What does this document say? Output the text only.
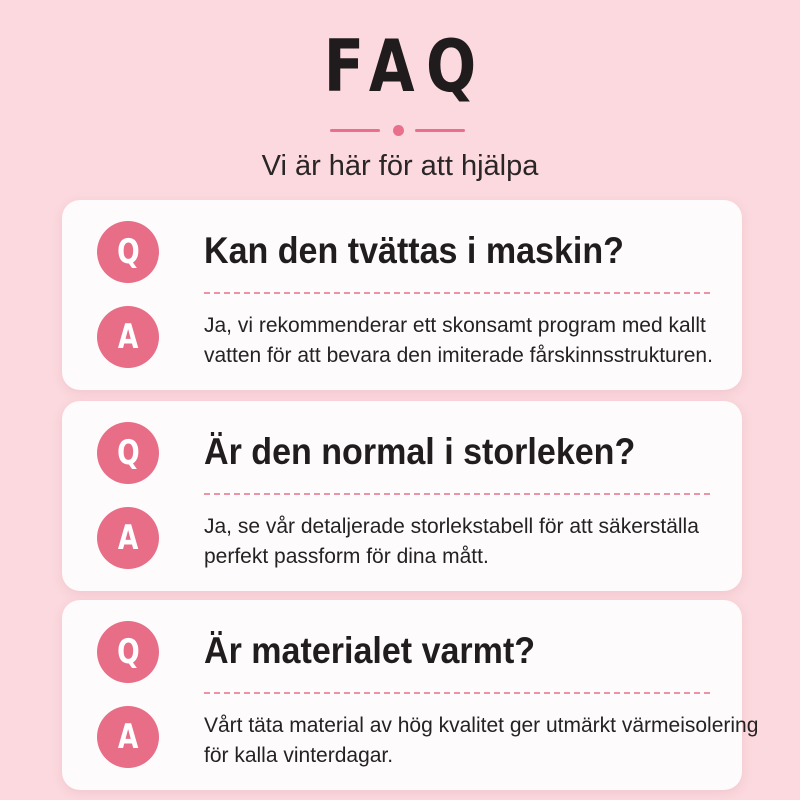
FAQ
Vi är här för att hjälpa
Q	Kan den tvättas i maskin?
A	Ja, vi rekommenderar ett skonsamt program med kallt vatten för att bevara den imiterade fårskinnsstrukturen.
Q	Är den normal i storleken?
A	Ja, se vår detaljerade storlekstabell för att säkerställa perfekt passform för dina mått.
Q	Är materialet varmt?
A	Vårt täta material av hög kvalitet ger utmärkt värmeisolering för kalla vinterdagar.
